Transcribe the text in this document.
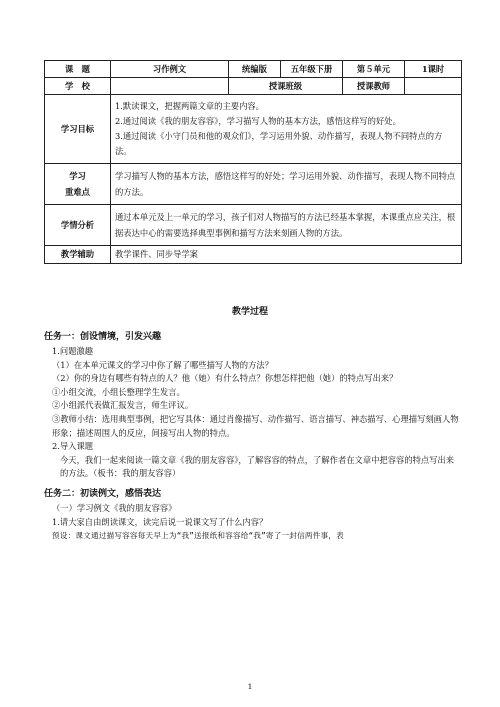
课　题	习作例文	统编版	五年级下册	第５单元	1课时
学　校		授课班级		授课教师	
学习目标	1.默读课文，把握两篇文章的主要内容。
2.通过阅读《我的朋友容容》，学习描写人物的基本方法，感悟这样写的好处。
3.通过阅读《小守门员和他的观众们》，学习运用外貌、动作描写，表现人物不同特点的方法。				

学习
重难点	学习描写人物的基本方法，感悟这样写的好处；学习运用外貌、动作描写，表现人物不同特点的方法。				
学情分析	通过本单元及上一单元的学习，孩子们对人物描写的方法已经基本掌握，本课重点应关注，根据表达中心的需要选择典型事例和描写方法来刻画人物的方法。				
教学辅助	教学课件、同步导学案				
教学过程

任务一：创设情境，引发兴趣

1.问题激趣

（1）在本单元课文的学习中你了解了哪些描写人物的方法？

（2）你的身边有哪些有特点的人？他（她）有什么特点？你想怎样把他（她）的特点写出来？

①小组交流，小组长整理学生发言。

②小组派代表做汇报发言，师生评议。

③教师小结：选用典型事例，把它写具体：通过肖像描写、动作描写、语言描写、神态描写、心理描写刻画人物形象；描述周围人的反应，间接写出人物的特点。

2.导入课题

今天，我们一起来阅读一篇文章《我的朋友容容》，了解容容的特点，了解作者在文章中把容容的特点写出来的方法。（板书：我的朋友容容）

任务二：初读例文，感悟表达

（一）学习例文《我的朋友容容》

1.请大家自由朗读课文，读完后说一说课文写了什么内容？

预设：课文通过描写容容每天早上为“我”送报纸和容容给“我”寄了一封信两件事，表

1
